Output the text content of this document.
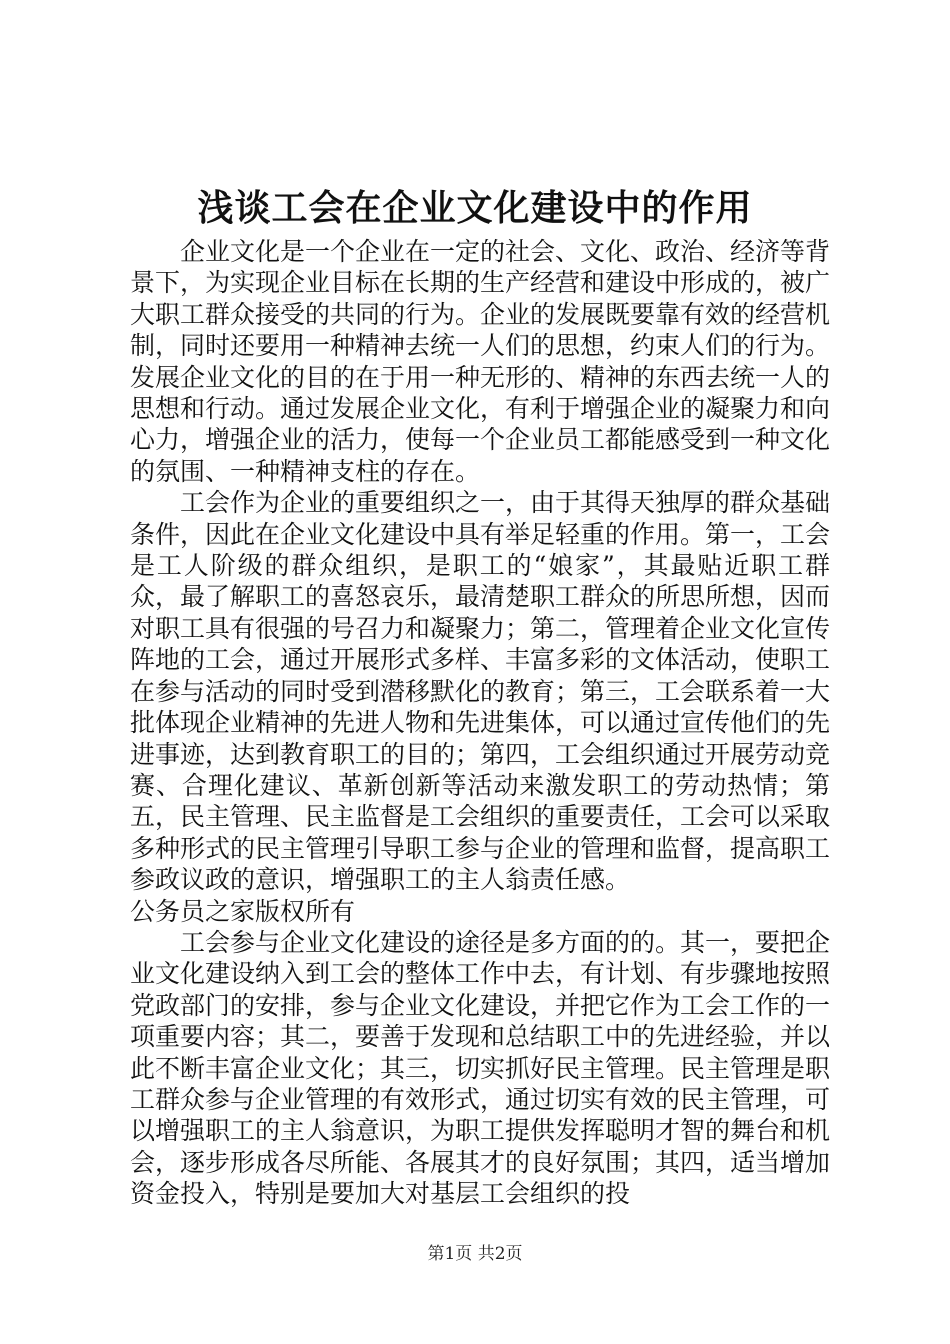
浅谈工会在企业文化建设中的作用

企业文化是一个企业在一定的社会、文化、政治、经济等背景下，为实现企业目标在长期的生产经营和建设中形成的，被广大职工群众接受的共同的行为。企业的发展既要靠有效的经营机制，同时还要用一种精神去统一人们的思想，约束人们的行为。发展企业文化的目的在于用一种无形的、精神的东西去统一人的思想和行动。通过发展企业文化，有利于增强企业的凝聚力和向心力，增强企业的活力，使每一个企业员工都能感受到一种文化的氛围、一种精神支柱的存在。

工会作为企业的重要组织之一，由于其得天独厚的群众基础条件，因此在企业文化建设中具有举足轻重的作用。第一，工会是工人阶级的群众组织，是职工的“娘家”，其最贴近职工群众，最了解职工的喜怒哀乐，最清楚职工群众的所思所想，因而对职工具有很强的号召力和凝聚力；第二，管理着企业文化宣传阵地的工会，通过开展形式多样、丰富多彩的文体活动，使职工在参与活动的同时受到潜移默化的教育；第三，工会联系着一大批体现企业精神的先进人物和先进集体，可以通过宣传他们的先进事迹，达到教育职工的目的；第四，工会组织通过开展劳动竞赛、合理化建议、革新创新等活动来激发职工的劳动热情；第五，民主管理、民主监督是工会组织的重要责任，工会可以采取多种形式的民主管理引导职工参与企业的管理和监督，提高职工参政议政的意识，增强职工的主人翁责任感。

公务员之家版权所有

工会参与企业文化建设的途径是多方面的的。其一，要把企业文化建设纳入到工会的整体工作中去，有计划、有步骤地按照党政部门的安排，参与企业文化建设，并把它作为工会工作的一项重要内容；其二，要善于发现和总结职工中的先进经验，并以此不断丰富企业文化；其三，切实抓好民主管理。民主管理是职工群众参与企业管理的有效形式，通过切实有效的民主管理，可以增强职工的主人翁意识，为职工提供发挥聪明才智的舞台和机会，逐步形成各尽所能、各展其才的良好氛围；其四，适当增加资金投入，特别是要加大对基层工会组织的投

第1页 共2页
